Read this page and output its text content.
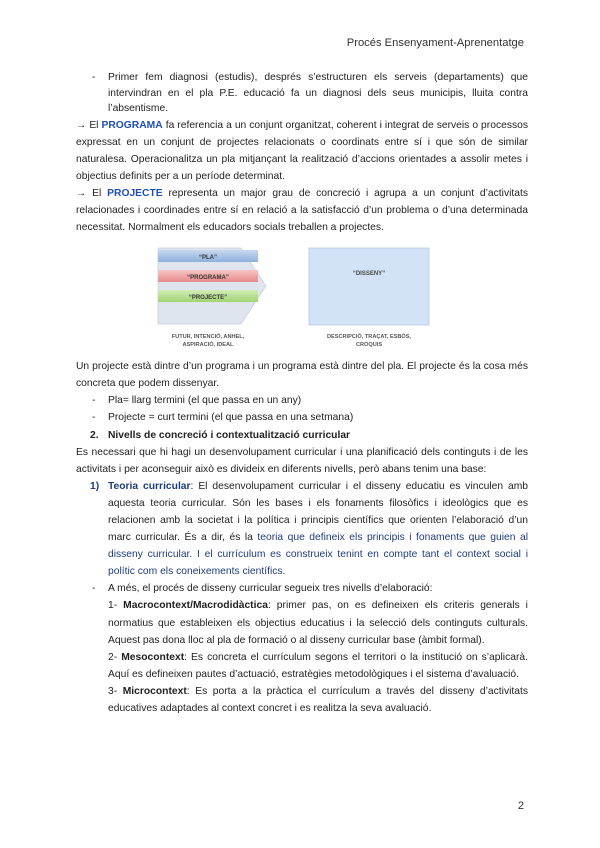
Procés Ensenyament-Aprenentatge
-	Primer fem diagnosi (estudis), després s’estructuren els serveis (departaments) que intervindran en el pla P.E. educació fa un diagnosi dels seus municipis, lluita contra l’absentisme.

→ El PROGRAMA fa referencia a un conjunt organitzat, coherent i integrat de serveis o processos expressat en un conjunt de projectes relacionats o coordinats entre sí i que són de similar naturalesa. Operacionalitza un pla mitjançant la realització d’accions orientades a assolir metes i objectius definits per a un període determinat.

→ El PROJECTE representa un major grau de concreció i agrupa a un conjunt d’activitats relacionades i coordinades entre sí en relació a la satisfacció d’un problema o d’una determinada necessitat. Normalment els educadors socials treballen a projectes.

“PLA”
“PROGRAMA”
“PROJECTE”
“DISSENY”
FUTUR, INTENCIÓ, ANHEL,
ASPIRACIÓ, IDEAL
DESCRIPCIÓ, TRAÇAT, ESBÓS,
CROQUIS

Un projecte està dintre d’un programa i un programa està dintre del pla. El projecte és la cosa més concreta que podem dissenyar.

-	Pla= llarg termini (el que passa en un any)
-	Projecte = curt termini (el que passa en una setmana)
2. Nivells de concreció i contextualització curricular

Es necessari que hi hagi un desenvolupament curricular i una planificació dels continguts i de les activitats i per aconseguir això es divideix en diferents nivells, però abans tenim una base:

1) Teoria curricular: El desenvolupament curricular i el disseny educatiu es vinculen amb aquesta teoria curricular. Són les bases i els fonaments filosòfics i ideològics que es relacionen amb la societat i la política i principis científics que orienten l’elaboració d’un marc curricular. És a dir, és la teoria que defineix els principis i fonaments que guien al disseny curricular. I el currículum es construeix tenint en compte tant el context social i polític com els coneixements científics.
-	A més, el procés de disseny curricular segueix tres nivells d’elaboració:

1- Macrocontext/Macrodidàctica: primer pas, on es defineixen els criteris generals i normatius que estableixen els objectius educatius i la selecció dels continguts culturals. Aquest pas dona lloc al pla de formació o al disseny curricular base (àmbit formal).

2- Mesocontext: Es concreta el currículum segons el territori o la institució on s’aplicarà. Aquí es defineixen pautes d’actuació, estratègies metodològiques i el sistema d’avaluació.

3- Microcontext: Es porta a la pràctica el currículum a través del disseny d’activitats educatives adaptades al context concret i es realitza la seva avaluació.

2
